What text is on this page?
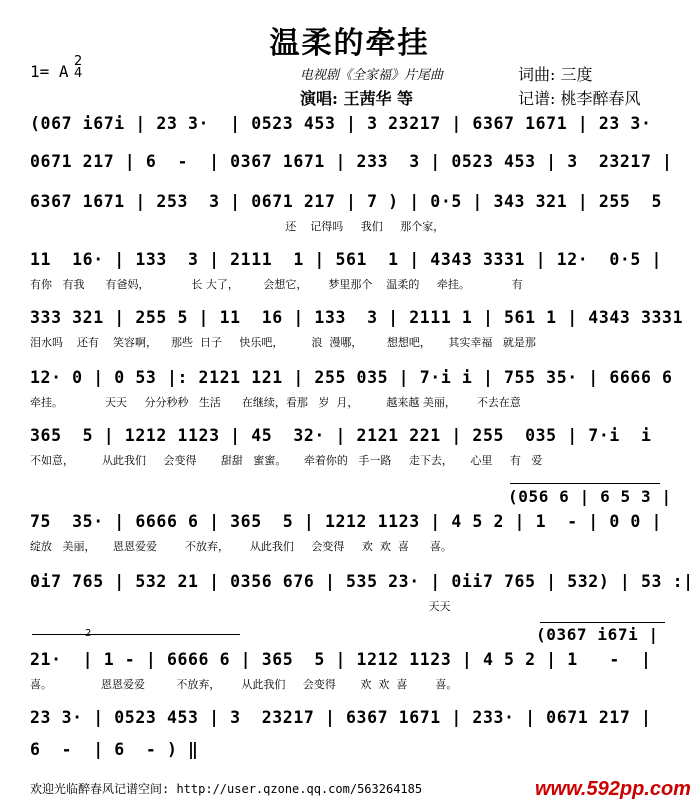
温柔的牵挂
1= A
2
4	电视剧《全家福》片尾曲	词曲: 三度
演唱: 王茜华 等	记谱: 桃李醉春风
(067 i67i | 23 3·  | 0523 453 | 3 23217 | 6367 1671 | 23 3·
0671 217 | 6  -  | 0367 1671 | 233  3 | 0523 453 | 3  23217 |
6367 1671 | 253  3 | 0671 217 | 7 ) | 0·5 | 343 321 | 255  5
还    记得吗     我们     那个家，
11  16· | 133  3 | 2111  1 | 561  1 | 4343 3331 | 12·  0·5 |
有你   有我      有爸妈，            长 大了，       会想它，      梦里那个    温柔的     牵挂。            有
333 321 | 255 5 | 11  16 | 133  3 | 2111 1 | 561 1 | 4343 3331
泪水吗    还有    笑容啊，    那些  日子     快乐吧，        浪  漫哪，       想想吧，     其实幸福   就是那
12· 0 | 0 53 |: 2121 121 | 255 035 | 7·i i | 755 35· | 6666 6
牵挂。            天天     分分秒秒   生活      在继续，看那   岁  月，        越来越 美丽，      不去在意
365  5 | 1212 1123 | 45  32· | 2121 221 | 255  035 | 7·i  i
不如意，        从此我们     会变得       甜甜   蜜蜜。     牵着你的   手一路     走下去，     心里     有   爱
(056 6 | 6 5 3 |
75  35· | 6666 6 | 365  5 | 1212 1123 | 4 5 2 | 1  - | 0 0 |
绽放   美丽，     恩恩爱爱        不放弃，      从此我们     会变得     欢  欢  喜      喜。
0i7 765 | 532 21 | 0356 676 | 535 23· | 0ii7 765 | 532) | 53 :|
天天
2	(0367 i67i |
21·  | 1 - | 6666 6 | 365  5 | 1212 1123 | 4 5 2 | 1   -  |
喜。              恩恩爱爱         不放弃，      从此我们     会变得       欢  欢  喜        喜。
23 3· | 0523 453 | 3  23217 | 6367 1671 | 233· | 0671 217 |
6  -  | 6  - ) ‖
欢迎光临醉春风记谱空间: http://user.qzone.qq.com/563264185	www.592pp.com
